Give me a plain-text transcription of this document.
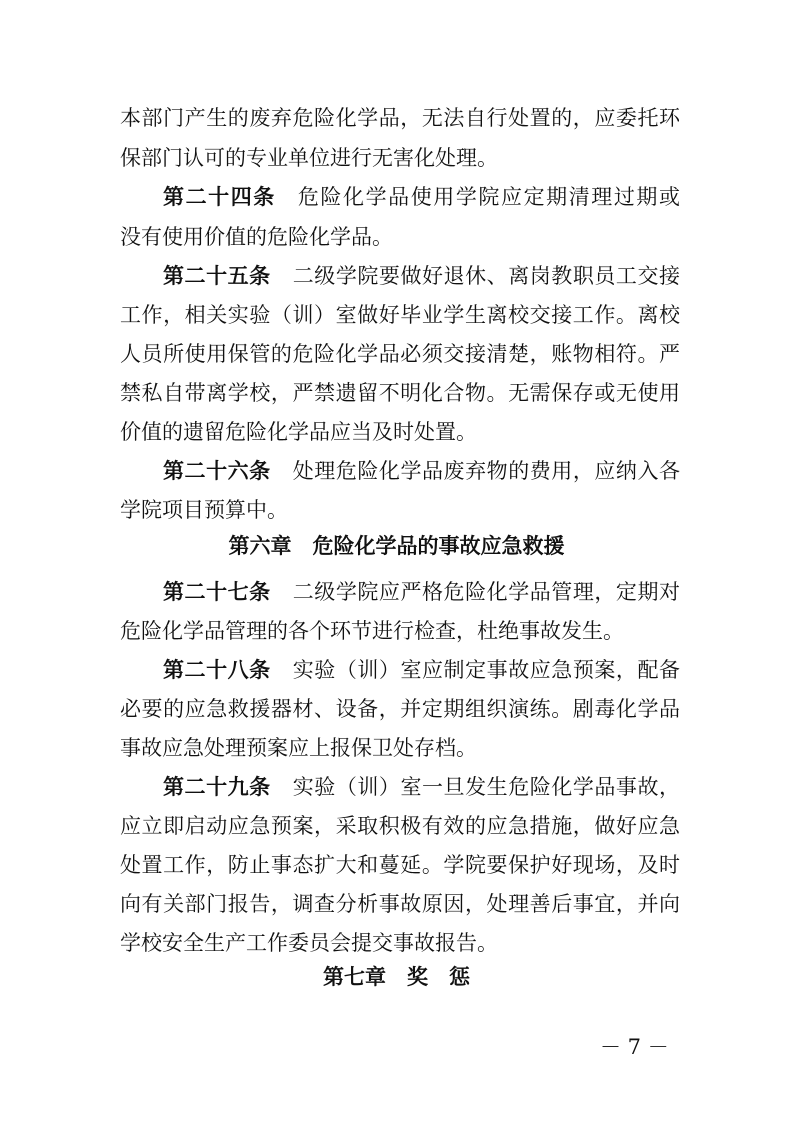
本部门产生的废弃危险化学品，无法自行处置的，应委托环
保部门认可的专业单位进行无害化处理。
第二十四条 危险化学品使用学院应定期清理过期或
没有使用价值的危险化学品。
第二十五条 二级学院要做好退休、离岗教职员工交接
工作，相关实验（训）室做好毕业学生离校交接工作。离校
人员所使用保管的危险化学品必须交接清楚，账物相符。严
禁私自带离学校，严禁遗留不明化合物。无需保存或无使用
价值的遗留危险化学品应当及时处置。
第二十六条 处理危险化学品废弃物的费用，应纳入各
学院项目预算中。
第六章　危险化学品的事故应急救援
第二十七条 二级学院应严格危险化学品管理，定期对
危险化学品管理的各个环节进行检查，杜绝事故发生。
第二十八条 实验（训）室应制定事故应急预案，配备
必要的应急救援器材、设备，并定期组织演练。剧毒化学品
事故应急处理预案应上报保卫处存档。
第二十九条 实验（训）室一旦发生危险化学品事故，
应立即启动应急预案，采取积极有效的应急措施，做好应急
处置工作，防止事态扩大和蔓延。学院要保护好现场，及时
向有关部门报告，调查分析事故原因，处理善后事宜，并向
学校安全生产工作委员会提交事故报告。
第七章　奖　惩
－ 7 －
